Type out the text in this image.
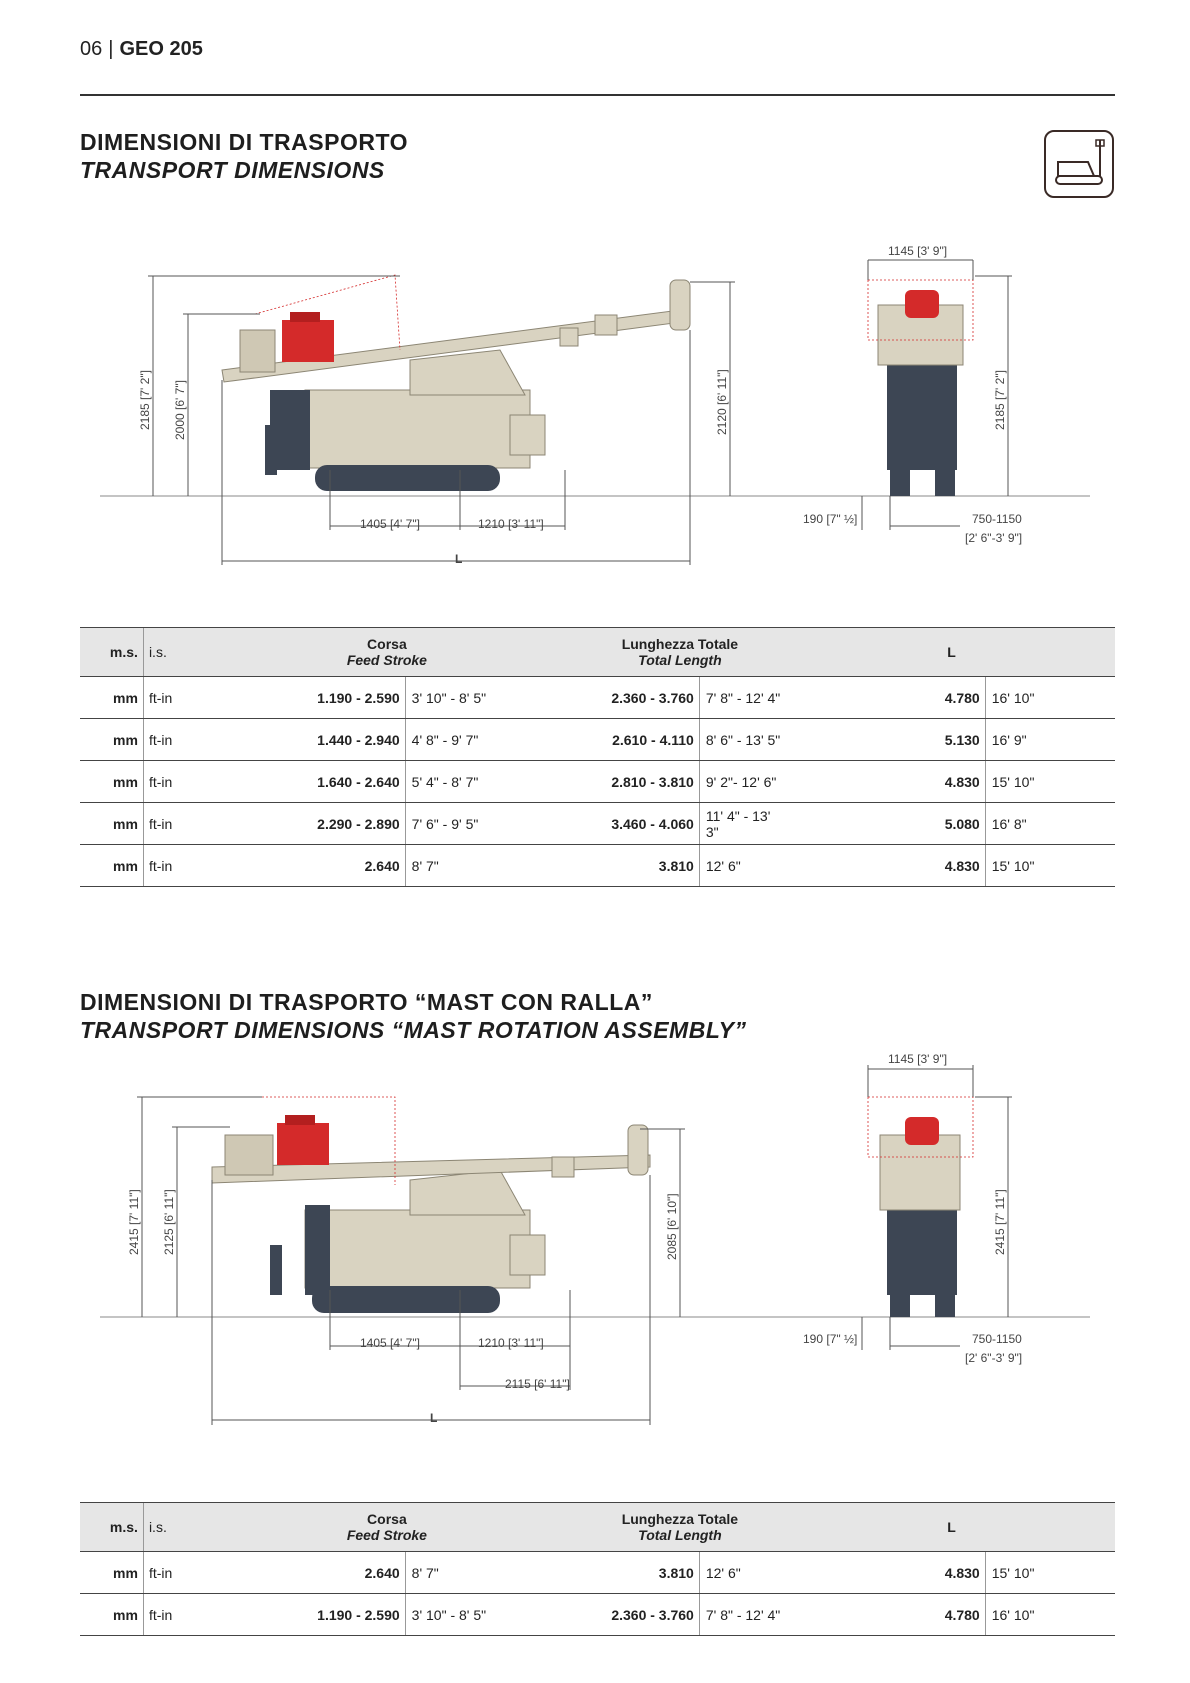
06 | GEO 205
DIMENSIONI DI TRASPORTO
TRANSPORT DIMENSIONS
2185 [7' 2"] 2000 [6' 7"]	2120 [6' 11"]
1405 [4' 7"]	1210 [3' 11"]
L
1145 [3' 9"]
2185 [7' 2"]
190 [7" ½]	750-1150
[2' 6"-3' 9"]
m.s.	i.s.	Corsa
Feed Stroke		Lunghezza Totale
Total Length		L	
mm	ft-in	1.190 - 2.590	3' 10" - 8' 5"	2.360 - 3.760	7' 8" - 12' 4"	4.780	16' 10"
mm	ft-in	1.440 - 2.940	4' 8" - 9' 7"	2.610 - 4.110	8' 6" - 13' 5"	5.130	16' 9"
mm	ft-in	1.640 - 2.640	5' 4" - 8' 7"	2.810 - 3.810	9' 2"- 12' 6"	4.830	15' 10"
mm	ft-in	2.290 - 2.890	7' 6" - 9' 5"	3.460 - 4.060	11' 4" - 13' 3"	5.080	16' 8"
mm	ft-in	2.640	8' 7"	3.810	12' 6"	4.830	15' 10"
DIMENSIONI DI TRASPORTO “MAST CON RALLA”
TRANSPORT DIMENSIONS “MAST ROTATION ASSEMBLY”
2415 [7' 11"] 2125 [6' 11"]	2085 [6' 10"]
1405 [4' 7"]	1210 [3' 11"]
2115 [6' 11"]
L
1145 [3' 9"]
2415 [7' 11"]
190 [7" ½]	750-1150
[2' 6"-3' 9"]
m.s.	i.s.	Corsa
Feed Stroke		Lunghezza Totale
Total Length		L	
mm	ft-in	2.640	8' 7"	3.810	12' 6"	4.830	15' 10"
mm	ft-in	1.190 - 2.590	3' 10" - 8' 5"	2.360 - 3.760	7' 8" - 12' 4"	4.780	16' 10"
